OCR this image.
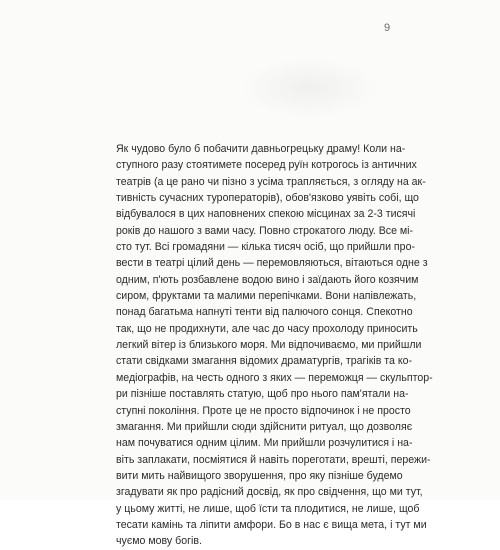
9
Як чудово було б побачити давньогрецьку драму! Коли на-
ступного разу стоятимете посеред руїн котрогось із античних
театрів (а це рано чи пізно з усіма трапляється, з огляду на ак-
тивність сучасних туроператорів), обов'язково уявіть собі, що
відбувалося в цих наповнених спекою місцинах за 2-3 тисячі
років до нашого з вами часу. Повно строкатого люду. Все мі-
сто тут. Всі громадяни — кілька тисяч осіб, що прийшли про-
вести в театрі цілий день — перемовляються, вітаються одне з
одним, п'ють розбавлене водою вино і заїдають його козячим
сиром, фруктами та малими перепічками. Вони напівлежать,
понад багатьма напнуті тенти від палючого сонця. Спекотно
так, що не продихнути, але час до часу прохолоду приносить
легкий вітер із близького моря. Ми відпочиваємо, ми прийшли
стати свідками змагання відомих драматургів, трагіків та ко-
медіографів, на честь одного з яких — переможця — скульптор-
ри пізніше поставлять статую, щоб про нього пам'ятали на-
ступні покоління. Проте це не просто відпочинок і не просто
змагання. Ми прийшли сюди здійснити ритуал, що дозволяє
нам почуватися одним цілим. Ми прийшли розчулитися і на-
віть заплакати, посміятися й навіть пореготати, врешті, пережи-
вити мить найвищого зворушення, про яку пізніше будемо
згадувати як про радісний досвід, як про свідчення, що ми тут,
у цьому житті, не лише, щоб їсти та плодитися, не лише, щоб
тесати камінь та ліпити амфори. Бо в нас є вища мета, і тут ми
чуємо мову богів.
